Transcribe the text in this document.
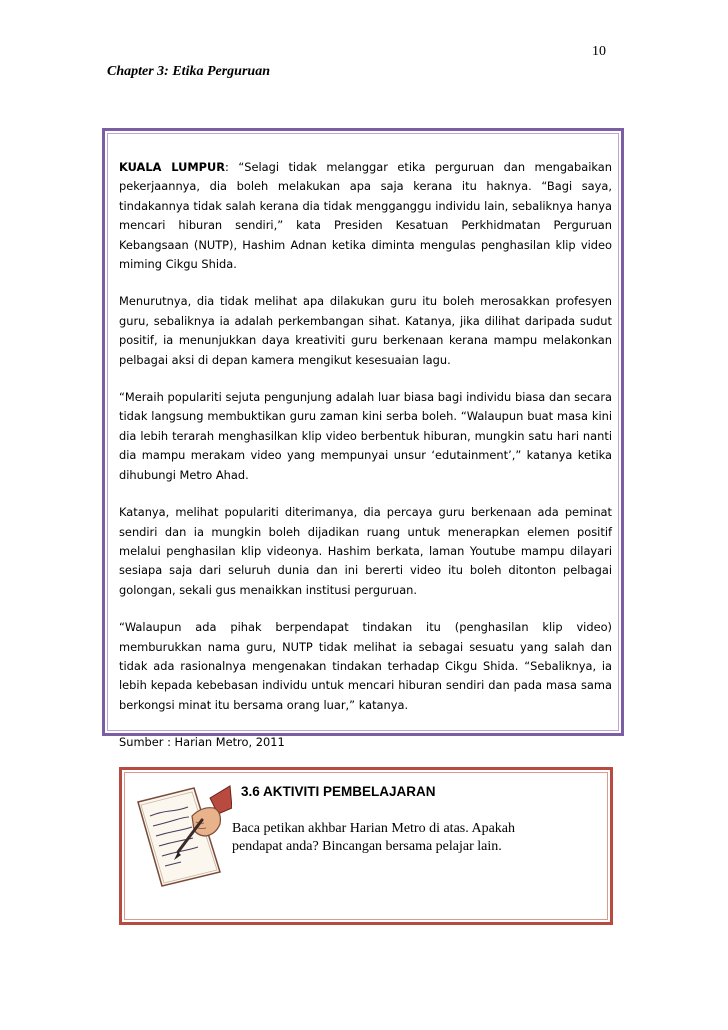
10
Chapter 3: Etika Perguruan

KUALA LUMPUR: “Selagi tidak melanggar etika perguruan dan mengabaikan pekerjaannya, dia boleh melakukan apa saja kerana itu haknya. “Bagi saya, tindakannya tidak salah kerana dia tidak mengganggu individu lain, sebaliknya hanya mencari hiburan sendiri,” kata Presiden Kesatuan Perkhidmatan Perguruan Kebangsaan (NUTP), Hashim Adnan ketika diminta mengulas penghasilan klip video miming Cikgu Shida.

Menurutnya, dia tidak melihat apa dilakukan guru itu boleh merosakkan profesyen guru, sebaliknya ia adalah perkembangan sihat. Katanya, jika dilihat daripada sudut positif, ia menunjukkan daya kreativiti guru berkenaan kerana mampu melakonkan pelbagai aksi di depan kamera mengikut kesesuaian lagu.

“Meraih populariti sejuta pengunjung adalah luar biasa bagi individu biasa dan secara tidak langsung membuktikan guru zaman kini serba boleh. “Walaupun buat masa kini dia lebih terarah menghasilkan klip video berbentuk hiburan, mungkin satu hari nanti dia mampu merakam video yang mempunyai unsur ‘edutainment’,” katanya ketika dihubungi Metro Ahad.

Katanya, melihat populariti diterimanya, dia percaya guru berkenaan ada peminat sendiri dan ia mungkin boleh dijadikan ruang untuk menerapkan elemen positif melalui penghasilan klip videonya. Hashim berkata, laman Youtube mampu dilayari sesiapa saja dari seluruh dunia dan ini bererti video itu boleh ditonton pelbagai golongan, sekali gus menaikkan institusi perguruan.

“Walaupun ada pihak berpendapat tindakan itu (penghasilan klip video) memburukkan nama guru, NUTP tidak melihat ia sebagai sesuatu yang salah dan tidak ada rasionalnya mengenakan tindakan terhadap Cikgu Shida. “Sebaliknya, ia lebih kepada kebebasan individu untuk mencari hiburan sendiri dan pada masa sama berkongsi minat itu bersama orang luar,” katanya.

Sumber : Harian Metro, 2011

3.6 AKTIVITI PEMBELAJARAN
Baca petikan akhbar Harian Metro di atas. Apakah
pendapat anda? Bincangan bersama pelajar lain.
